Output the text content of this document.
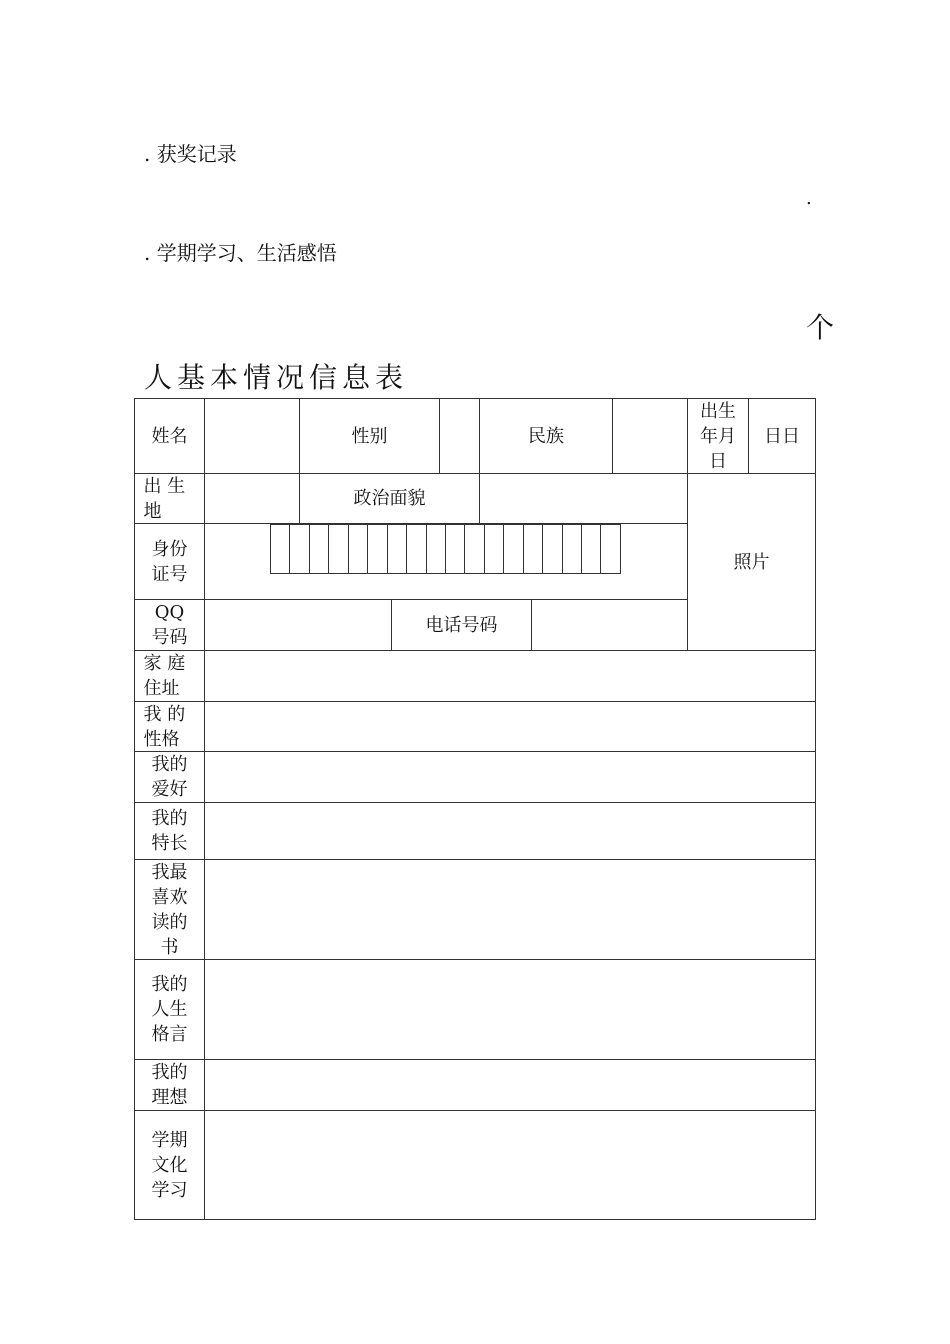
. 获奖记录
.
. 学期学习、生活感悟
个
人基本情况信息表
姓名	性别	民族
出生年月日
日日
出 生地
政治面貌
照片
身份证号
QQ号码
电话号码
家 庭住址
我 的性格
我的爱好
我的特长
我最喜欢读的书
我的人生格言
我的理想
学期文化学习
